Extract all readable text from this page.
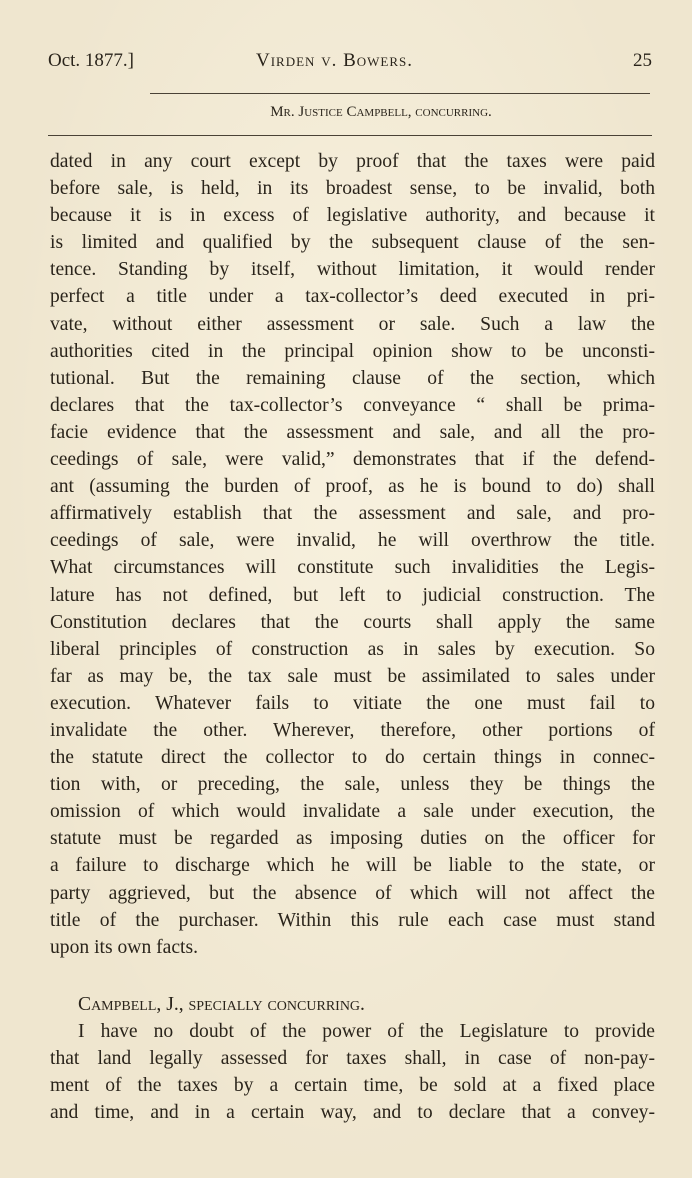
Oct. 1877.]	Virden v. Bowers.	25
Mr. Justice Campbell, concurring.
dated in any court except by proof that the taxes were paid
before sale, is held, in its broadest sense, to be invalid, both
because it is in excess of legislative authority, and because it
is limited and qualified by the subsequent clause of the sen-
tence. Standing by itself, without limitation, it would render
perfect a title under a tax-collector’s deed executed in pri-
vate, without either assessment or sale. Such a law the
authorities cited in the principal opinion show to be unconsti-
tutional. But the remaining clause of the section, which
declares that the tax-collector’s conveyance “ shall be prima-
facie evidence that the assessment and sale, and all the pro-
ceedings of sale, were valid,” demonstrates that if the defend-
ant (assuming the burden of proof, as he is bound to do) shall
affirmatively establish that the assessment and sale, and pro-
ceedings of sale, were invalid, he will overthrow the title.
What circumstances will constitute such invalidities the Legis-
lature has not defined, but left to judicial construction. The
Constitution declares that the courts shall apply the same
liberal principles of construction as in sales by execution. So
far as may be, the tax sale must be assimilated to sales under
execution. Whatever fails to vitiate the one must fail to
invalidate the other. Wherever, therefore, other portions of
the statute direct the collector to do certain things in connec-
tion with, or preceding, the sale, unless they be things the
omission of which would invalidate a sale under execution, the
statute must be regarded as imposing duties on the officer for
a failure to discharge which he will be liable to the state, or
party aggrieved, but the absence of which will not affect the
title of the purchaser. Within this rule each case must stand
upon its own facts.
Campbell, J., specially concurring.
I have no doubt of the power of the Legislature to provide
that land legally assessed for taxes shall, in case of non-pay-
ment of the taxes by a certain time, be sold at a fixed place
and time, and in a certain way, and to declare that a convey-
